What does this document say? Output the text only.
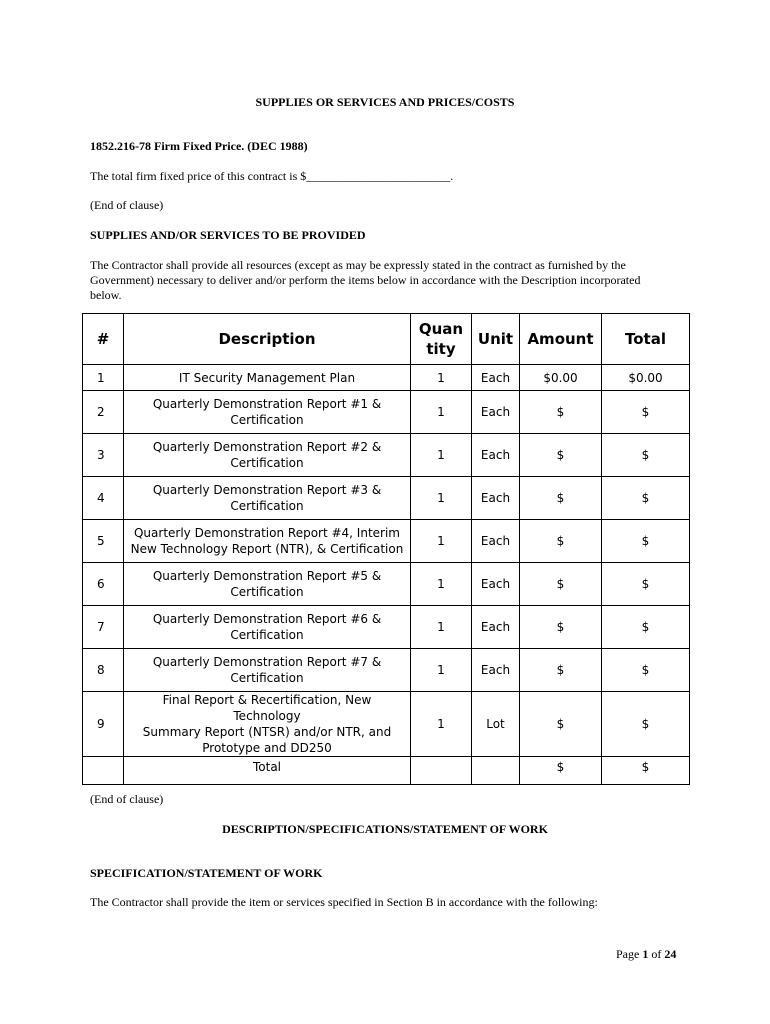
SUPPLIES OR SERVICES AND PRICES/COSTS
1852.216-78 Firm Fixed Price. (DEC 1988)
The total firm fixed price of this contract is $________________________.
(End of clause)
SUPPLIES AND/OR SERVICES TO BE PROVIDED
The Contractor shall provide all resources (except as may be expressly stated in the contract as furnished by the
Government) necessary to deliver and/or perform the items below in accordance with the Description incorporated
below.
#	Description	Quan
tity	Unit	Amount	Total
1	IT Security Management Plan	1	Each	$0.00	$0.00
2	Quarterly Demonstration Report #1 &
Certification	1	Each	$	$
3	Quarterly Demonstration Report #2 &
Certification	1	Each	$	$
4	Quarterly Demonstration Report #3 &
Certification	1	Each	$	$
5	Quarterly Demonstration Report #4, Interim
New Technology Report (NTR), & Certification	1	Each	$	$
6	Quarterly Demonstration Report #5 &
Certification	1	Each	$	$
7	Quarterly Demonstration Report #6 &
Certification	1	Each	$	$
8	Quarterly Demonstration Report #7 &
Certification	1	Each	$	$
9	Final Report & Recertification, New Technology
Summary Report (NTSR) and/or NTR, and
Prototype and DD250	1	Lot	$	$
	Total			$	$
(End of clause)
DESCRIPTION/SPECIFICATIONS/STATEMENT OF WORK
SPECIFICATION/STATEMENT OF WORK
The Contractor shall provide the item or services specified in Section B in accordance with the following:
Page 1 of 24
